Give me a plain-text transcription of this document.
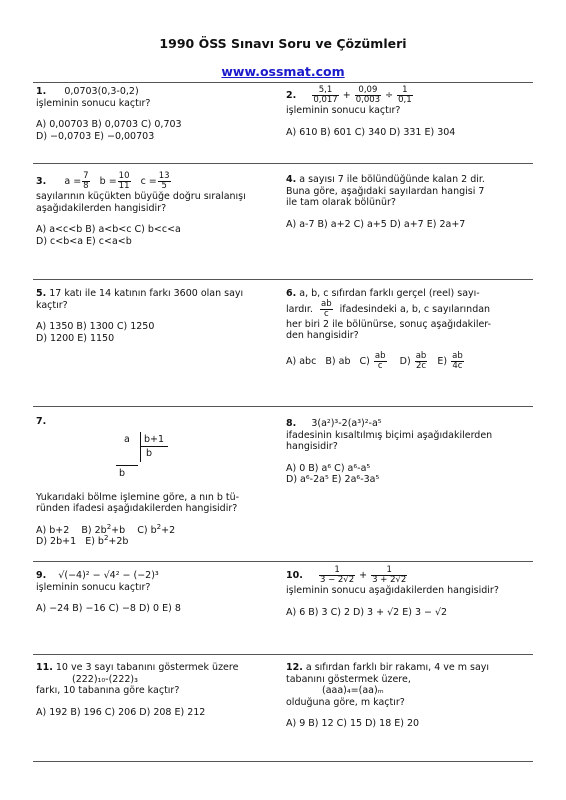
1990 ÖSS Sınavı Soru ve Çözümleri
www.ossmat.com
1. 0,0703(0,3-0,2)
işleminin sonucu kaçtır?
A) 0,00703 B) 0,0703 C) 0,703
D) −0,0703 E) −0,00703
2. $\frac{5,1}{0,017} + \frac{0,09}{0,003} \div \frac{1}{0,1}$
işleminin sonucu kaçtır?
A) 610 B) 601 C) 340 D) 331 E) 304
3. $a = \frac{7}{8}$ $b = \frac{10}{11}$ $c = \frac{13}{5}$
sayılarının küçükten büyüğe doğru sıralanışı
aşağıdakilerden hangisidir?
A) a<c<b B) a<b<c C) b<c<a
D) c<b<a E) c<a<b
4. a sayısı 7 ile bölündüğünde kalan 2 dir.
Buna göre, aşağıdaki sayılardan hangisi 7
ile tam olarak bölünür?
A) a-7 B) a+2 C) a+5 D) a+7 E) 2a+7
5. 17 katı ile 14 katının farkı 3600 olan sayı
kaçtır?
A) 1350 B) 1300 C) 1250
D) 1200 E) 1150
6. a, b, c sıfırdan farklı gerçel (reel) sayı-
lardır. $\frac{ab}{c}$ ifadesindeki a, b, c sayılarından
her biri 2 ile bölünürse, sonuç aşağıdakiler-
den hangisidir?
A) abc B) ab $C) \frac{ab}{c} D) \frac{ab}{2c} E) \frac{ab}{4c}$
7.
a b+1
b
b
Yukarıdaki bölme işlemine göre, a nın b tü-
ründen ifadesi aşağıdakilerden hangisidir?
A) b+2 B) $2b^2+b$ C) $b^2+2$
D) 2b+1 E) $b^2+2b$
8. 3(a²)³-2(a³)²-a⁵
ifadesinin kısaltılmış biçimi aşağıdakilerden
hangisidir?
A) 0 B) a⁶ C) a⁶-a⁵
D) a⁶-2a⁵ E) 2a⁶-3a⁵
9. √(−4)² − √4² − (−2)³
işleminin sonucu kaçtır?
A) −24 B) −16 C) −8 D) 0 E) 8
10. $\frac{1}{3 - 2√2} + \frac{1}{3 + 2√2}$
işleminin sonucu aşağıdakilerden hangisidir?
A) 6 B) 3 C) 2 D) 3 + √2 E) 3 − √2
11. 10 ve 3 sayı tabanını göstermek üzere
(222)₁₀-(222)₃
farkı, 10 tabanına göre kaçtır?
A) 192 B) 196 C) 206 D) 208 E) 212
12. a sıfırdan farklı bir rakamı, 4 ve m sayı
tabanını göstermek üzere,
(aaa)₄=(aa)ₘ
olduğuna göre, m kaçtır?
A) 9 B) 12 C) 15 D) 18 E) 20
